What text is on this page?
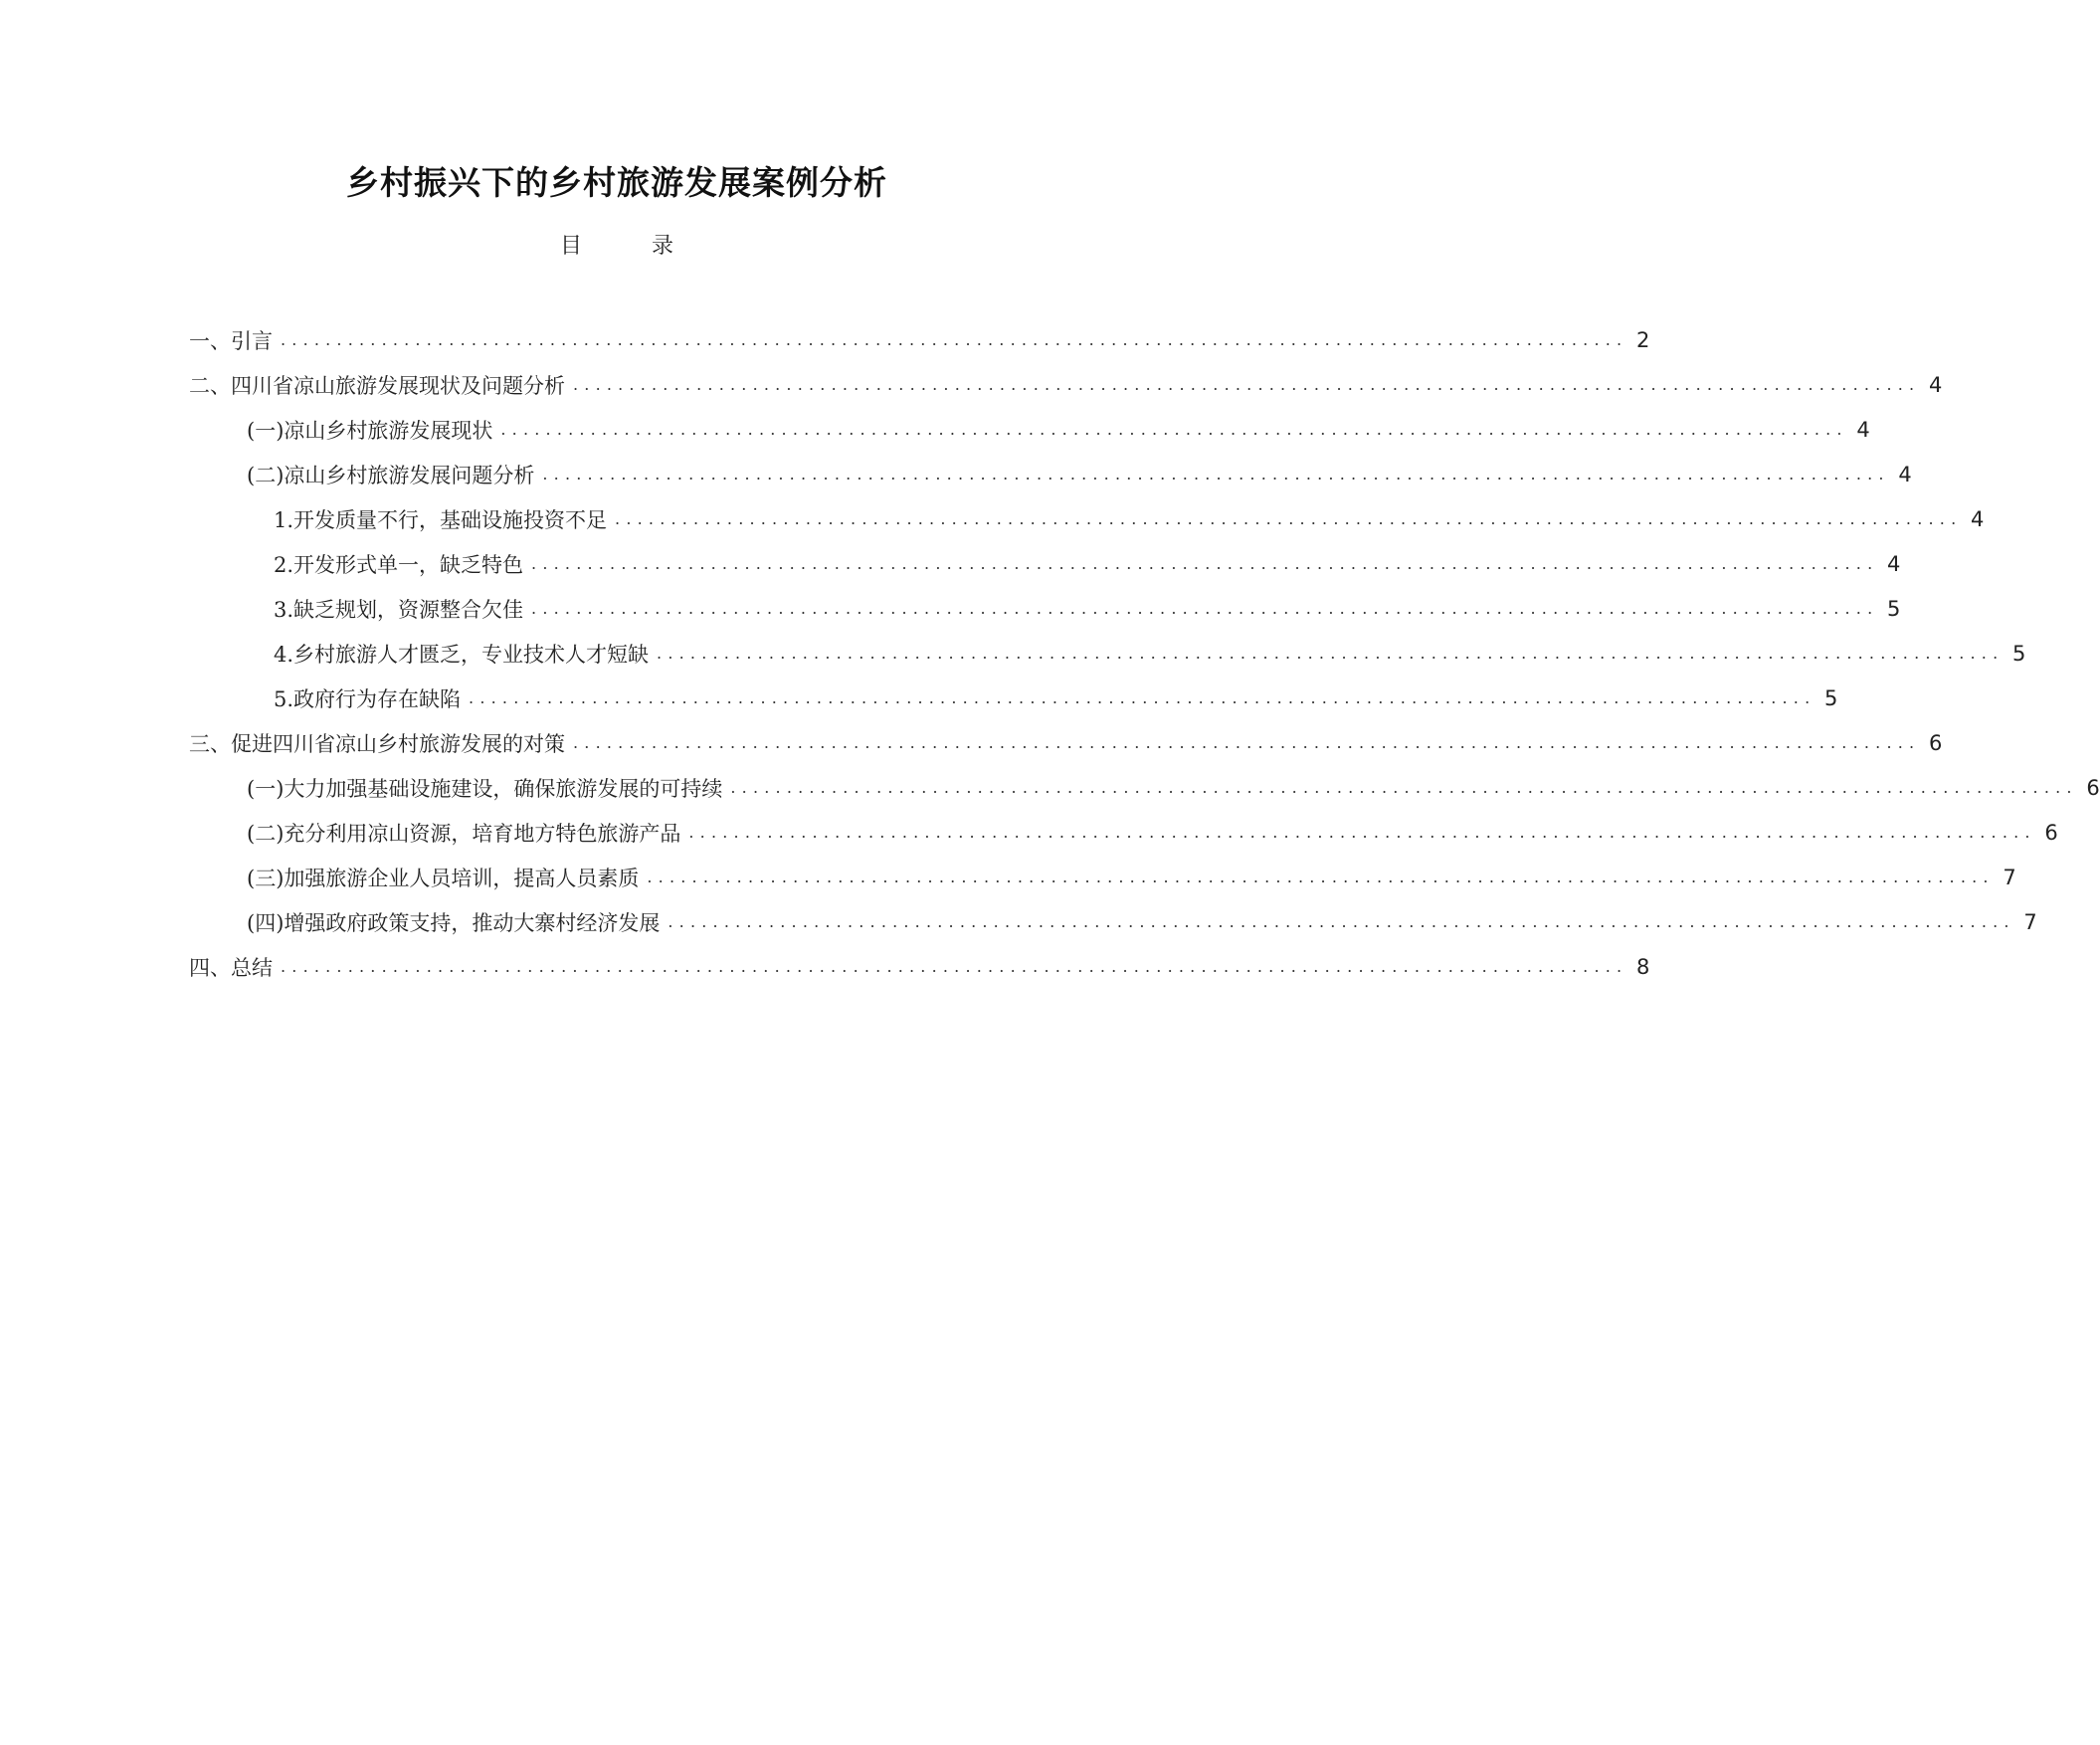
乡村振兴下的乡村旅游发展案例分析
目	录
一、引言 ........................................................................................................................ 2
二、四川省凉山旅游发展现状及问题分析 ........................................................................................................................ 4
(一)凉山乡村旅游发展现状 ........................................................................................................................ 4
(二)凉山乡村旅游发展问题分析 ........................................................................................................................ 4
1.开发质量不行，基础设施投资不足 ........................................................................................................................ 4
2.开发形式单一，缺乏特色 ........................................................................................................................ 4
3.缺乏规划，资源整合欠佳 ........................................................................................................................ 5
4.乡村旅游人才匮乏，专业技术人才短缺 ........................................................................................................................ 5
5.政府行为存在缺陷 ........................................................................................................................ 5
三、促进四川省凉山乡村旅游发展的对策 ........................................................................................................................ 6
(一)大力加强基础设施建设，确保旅游发展的可持续 ........................................................................................................................ 6
(二)充分利用凉山资源，培育地方特色旅游产品 ........................................................................................................................ 6
(三)加强旅游企业人员培训，提高人员素质 ........................................................................................................................ 7
(四)增强政府政策支持，推动大寨村经济发展 ........................................................................................................................ 7
四、总结 ........................................................................................................................ 8
